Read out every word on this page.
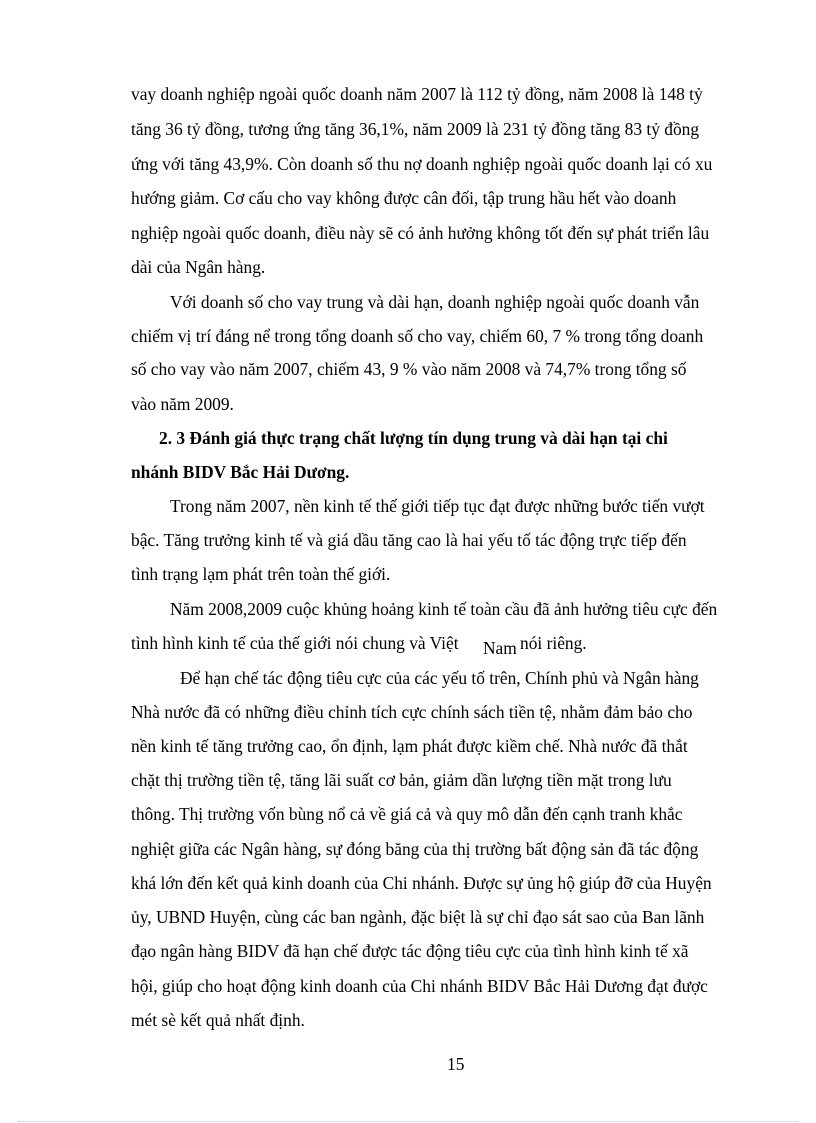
vay doanh nghiệp ngoài quốc doanh năm 2007 là 112 tỷ đồng, năm 2008 là 148 tỷ
tăng 36 tỷ đồng, tương ứng tăng 36,1%, năm 2009 là 231 tỷ đồng tăng 83 tỷ đồng
ứng với tăng 43,9%. Còn doanh số thu nợ doanh nghiệp ngoài quốc doanh lại có xu
hướng giảm. Cơ cấu cho vay không được cân đối, tập trung hầu hết vào doanh
nghiệp ngoài quốc doanh, điều này sẽ có ảnh hưởng không tốt đến sự phát triển lâu
dài của Ngân hàng.
Với doanh số cho vay trung và dài hạn, doanh nghiệp ngoài quốc doanh vẫn
chiếm vị trí đáng nể trong tổng doanh số cho vay, chiếm 60, 7 % trong tổng doanh
số cho vay vào năm 2007, chiếm 43, 9 % vào năm 2008 và 74,7% trong tổng số
vào năm 2009.
2. 3 Đánh giá thực trạng chất lượng tín dụng trung và dài hạn tại chi
nhánh BIDV Bắc Hải Dương.
Trong năm 2007, nền kinh tế thế giới tiếp tục đạt được những bước tiến vượt
bậc. Tăng trưởng kinh tế và giá dầu tăng cao là hai yếu tố tác động trực tiếp đến
tình trạng lạm phát trên toàn thế giới.
Năm 2008,2009 cuộc khủng hoảng kinh tế toàn cầu đã ảnh hưởng tiêu cực đến
tình hình kinh tế của thế giới nói chung và Việt Nam nói riêng.
Để hạn chế tác động tiêu cực của các yếu tố trên, Chính phủ và Ngân hàng
Nhà nước đã có những điều chỉnh tích cực chính sách tiền tệ, nhằm đảm bảo cho
nền kinh tế tăng trưởng cao, ổn định, lạm phát được kiềm chế. Nhà nước đã thắt
chặt thị trường tiền tệ, tăng lãi suất cơ bản, giảm dần lượng tiền mặt trong lưu
thông. Thị trường vốn bùng nổ cả về giá cả và quy mô dẫn đến cạnh tranh khắc
nghiệt giữa các Ngân hàng, sự đóng băng của thị trường bất động sản đã tác động
khá lớn đến kết quả kinh doanh của Chi nhánh. Được sự ủng hộ giúp đỡ của Huyện
ủy, UBND Huyện, cùng các ban ngành, đặc biệt là sự chỉ đạo sát sao của Ban lãnh
đạo ngân hàng BIDV đã hạn chế được tác động tiêu cực của tình hình kinh tế xã
hội, giúp cho hoạt động kinh doanh của Chi nhánh BIDV Bắc Hải Dương đạt được
mét sè kết quả nhất định.
15
